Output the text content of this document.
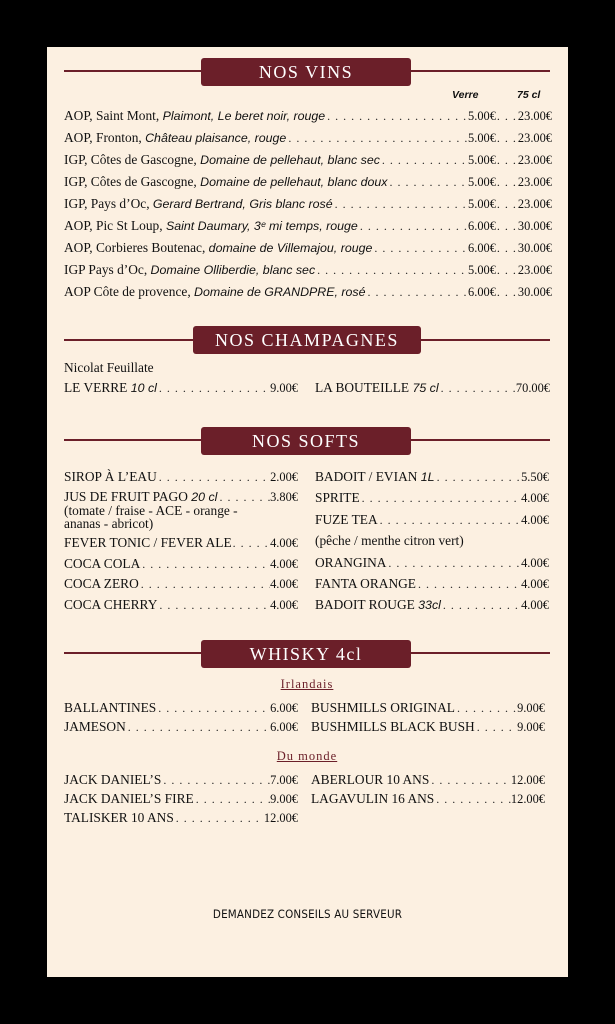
NOS VINS
Verre	75 cl
AOP, Saint Mont, Plaimont, Le beret noir, rouge . . .	5.00€ . . . 23.00€
AOP, Fronton, Château plaisance, rouge . . .	5.00€ . . . 23.00€
IGP, Côtes de Gascogne, Domaine de pellehaut, blanc sec . . .	5.00€ . . . 23.00€
IGP, Côtes de Gascogne, Domaine de pellehaut, blanc doux . . .	5.00€ . . . 23.00€
IGP, Pays d’Oc, Gerard Bertrand, Gris blanc rosé . . .	5.00€ . . . 23.00€
AOP, Pic St Loup, Saint Daumary, 3ᵉ mi temps, rouge . . .	6.00€ . . . 30.00€
AOP, Corbieres Boutenac, domaine de Villemajou, rouge . . .	6.00€ . . . 30.00€
IGP Pays d’Oc, Domaine Olliberdie, blanc sec . . .	5.00€ . . . 23.00€
AOP Côte de provence, Domaine de GRANDPRE, rosé . . .	6.00€ . . . 30.00€
NOS CHAMPAGNES
Nicolat Feuillate
LE VERRE 10 cl . . .	9.00€ LA BOUTEILLE 75 cl . . .	70.00€
NOS SOFTS
SIROP À L’EAU . . .	2.00€
JUS DE FRUIT PAGO 20 cl . . .	3.80€
(tomate / fraise - ACE - orange -
ananas - abricot)
FEVER TONIC / FEVER ALE . . .	4.00€
COCA COLA . . .	4.00€
COCA ZERO . . .	4.00€
COCA CHERRY . . .	4.00€
BADOIT / EVIAN 1L . . .	5.50€
SPRITE . . .	4.00€
FUZE TEA . . .	4.00€
(pêche / menthe citron vert)
ORANGINA . . .	4.00€
FANTA ORANGE . . .	4.00€
BADOIT ROUGE 33cl . . .	4.00€
WHISKY 4cl
Irlandais
BALLANTINES . . .	6.00€
JAMESON . . .	6.00€
BUSHMILLS ORIGINAL . . .	9.00€
BUSHMILLS BLACK BUSH . . .	9.00€
Du monde
JACK DANIEL’S . . .	7.00€
JACK DANIEL’S FIRE . . .	9.00€
TALISKER 10 ANS . . .	12.00€
ABERLOUR 10 ANS . . .	12.00€
LAGAVULIN 16 ANS . . .	12.00€
DEMANDEZ CONSEILS AU SERVEUR
